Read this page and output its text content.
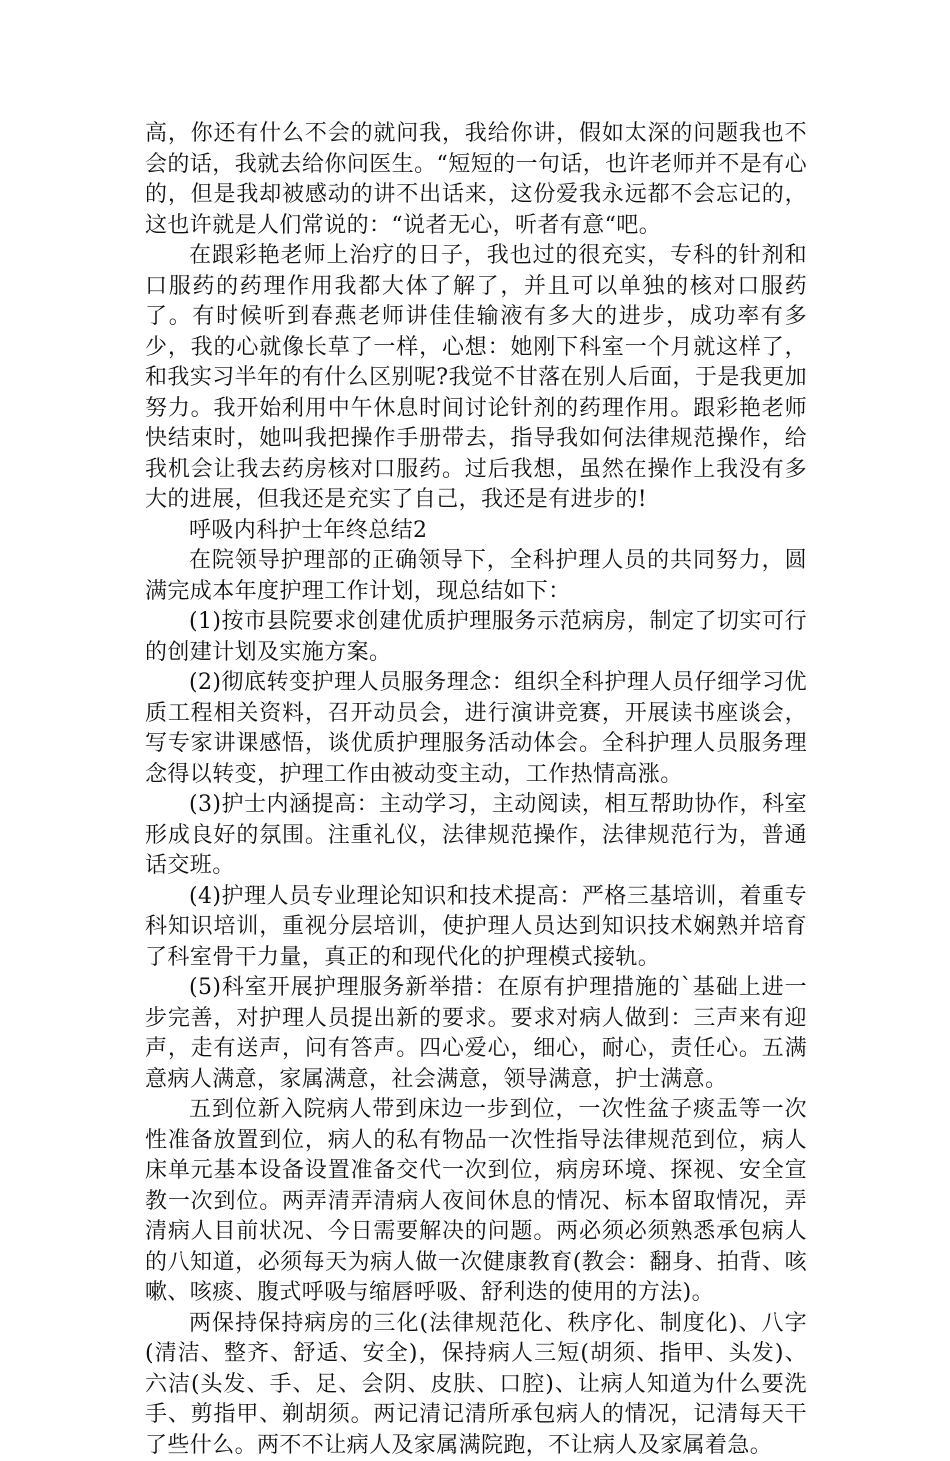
高，你还有什么不会的就问我，我给你讲，假如太深的问题我也不会的话，我就去给你问医生。“短短的一句话，也许老师并不是有心的，但是我却被感动的讲不出话来，这份爱我永远都不会忘记的，这也许就是人们常说的：“说者无心，听者有意“吧。

在跟彩艳老师上治疗的日子，我也过的很充实，专科的针剂和口服药的药理作用我都大体了解了，并且可以单独的核对口服药了。有时候听到春燕老师讲佳佳输液有多大的进步，成功率有多少，我的心就像长草了一样，心想：她刚下科室一个月就这样了，和我实习半年的有什么区别呢?我觉不甘落在别人后面，于是我更加努力。我开始利用中午休息时间讨论针剂的药理作用。跟彩艳老师快结束时，她叫我把操作手册带去，指导我如何法律规范操作，给我机会让我去药房核对口服药。过后我想，虽然在操作上我没有多大的进展，但我还是充实了自己，我还是有进步的!

呼吸内科护士年终总结2

在院领导护理部的正确领导下，全科护理人员的共同努力，圆满完成本年度护理工作计划，现总结如下：

(1)按市县院要求创建优质护理服务示范病房，制定了切实可行的创建计划及实施方案。

(2)彻底转变护理人员服务理念：组织全科护理人员仔细学习优质工程相关资料，召开动员会，进行演讲竞赛，开展读书座谈会，写专家讲课感悟，谈优质护理服务活动体会。全科护理人员服务理念得以转变，护理工作由被动变主动，工作热情高涨。

(3)护士内涵提高：主动学习，主动阅读，相互帮助协作，科室形成良好的氛围。注重礼仪，法律规范操作，法律规范行为，普通话交班。

(4)护理人员专业理论知识和技术提高：严格三基培训，着重专科知识培训，重视分层培训，使护理人员达到知识技术娴熟并培育了科室骨干力量，真正的和现代化的护理模式接轨。

(5)科室开展护理服务新举措：在原有护理措施的`基础上进一步完善，对护理人员提出新的要求。要求对病人做到：三声来有迎声，走有送声，问有答声。四心爱心，细心，耐心，责任心。五满意病人满意，家属满意，社会满意，领导满意，护士满意。

五到位新入院病人带到床边一步到位，一次性盆子痰盂等一次性准备放置到位，病人的私有物品一次性指导法律规范到位，病人床单元基本设备设置准备交代一次到位，病房环境、探视、安全宣教一次到位。两弄清弄清病人夜间休息的情况、标本留取情况，弄清病人目前状况、今日需要解决的问题。两必须必须熟悉承包病人的八知道，必须每天为病人做一次健康教育(教会：翻身、拍背、咳嗽、咳痰、腹式呼吸与缩唇呼吸、舒利迭的使用的方法)。

两保持保持病房的三化(法律规范化、秩序化、制度化)、八字(清洁、整齐、舒适、安全)，保持病人三短(胡须、指甲、头发)、六洁(头发、手、足、会阴、皮肤、口腔)、让病人知道为什么要洗手、剪指甲、剃胡须。两记清记清所承包病人的情况，记清每天干了些什么。两不不让病人及家属满院跑，不让病人及家属着急。
